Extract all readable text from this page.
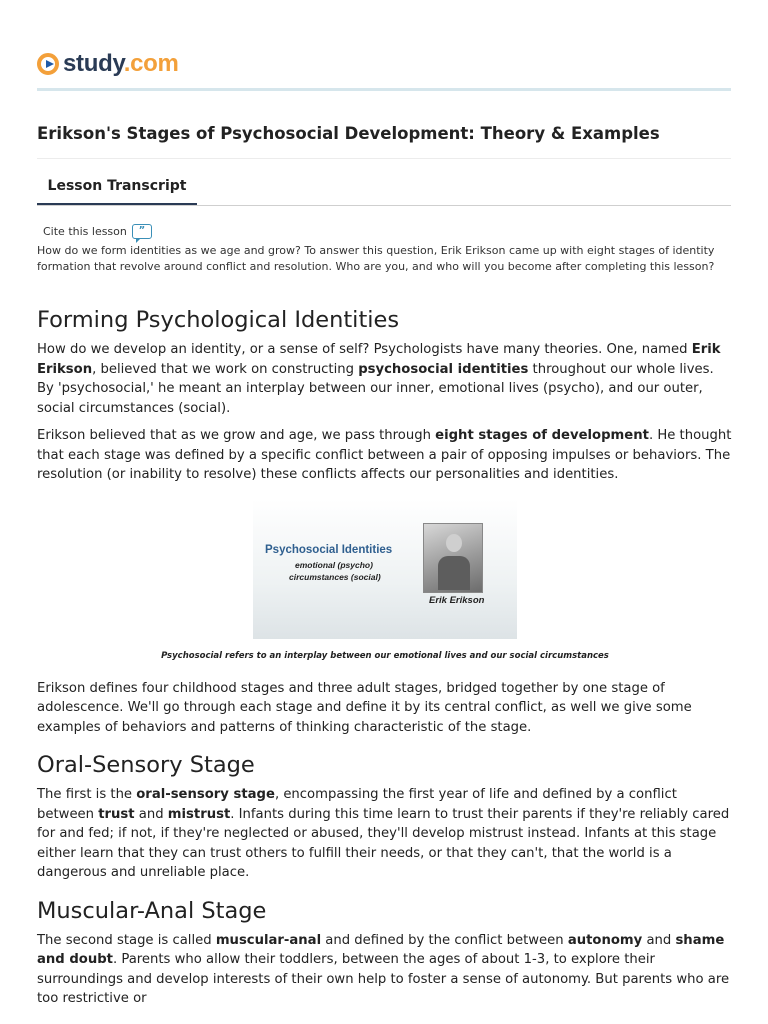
study.com
Erikson's Stages of Psychosocial Development: Theory & Examples
Lesson Transcript
Cite this lesson	”
How do we form identities as we age and grow? To answer this question, Erik Erikson came up with eight stages of identity formation that revolve around conflict and resolution. Who are you, and who will you become after completing this lesson?
Forming Psychological Identities

How do we develop an identity, or a sense of self? Psychologists have many theories. One, named Erik Erikson, believed that we work on constructing psychosocial identities throughout our whole lives. By 'psychosocial,' he meant an interplay between our inner, emotional lives (psycho), and our outer, social circumstances (social).

Erikson believed that as we grow and age, we pass through eight stages of development. He thought that each stage was defined by a specific conflict between a pair of opposing impulses or behaviors. The resolution (or inability to resolve) these conflicts affects our personalities and identities.

Psychosocial Identities
emotional (psycho)
circumstances (social)
Erik Erikson
Psychosocial refers to an interplay between our emotional lives and our social circumstances

Erikson defines four childhood stages and three adult stages, bridged together by one stage of adolescence. We'll go through each stage and define it by its central conflict, as well we give some examples of behaviors and patterns of thinking characteristic of the stage.

Oral-Sensory Stage

The first is the oral-sensory stage, encompassing the first year of life and defined by a conflict between trust and mistrust. Infants during this time learn to trust their parents if they're reliably cared for and fed; if not, if they're neglected or abused, they'll develop mistrust instead. Infants at this stage either learn that they can trust others to fulfill their needs, or that they can't, that the world is a dangerous and unreliable place.

Muscular-Anal Stage

The second stage is called muscular-anal and defined by the conflict between autonomy and shame and doubt. Parents who allow their toddlers, between the ages of about 1-3, to explore their surroundings and develop interests of their own help to foster a sense of autonomy. But parents who are too restrictive or
